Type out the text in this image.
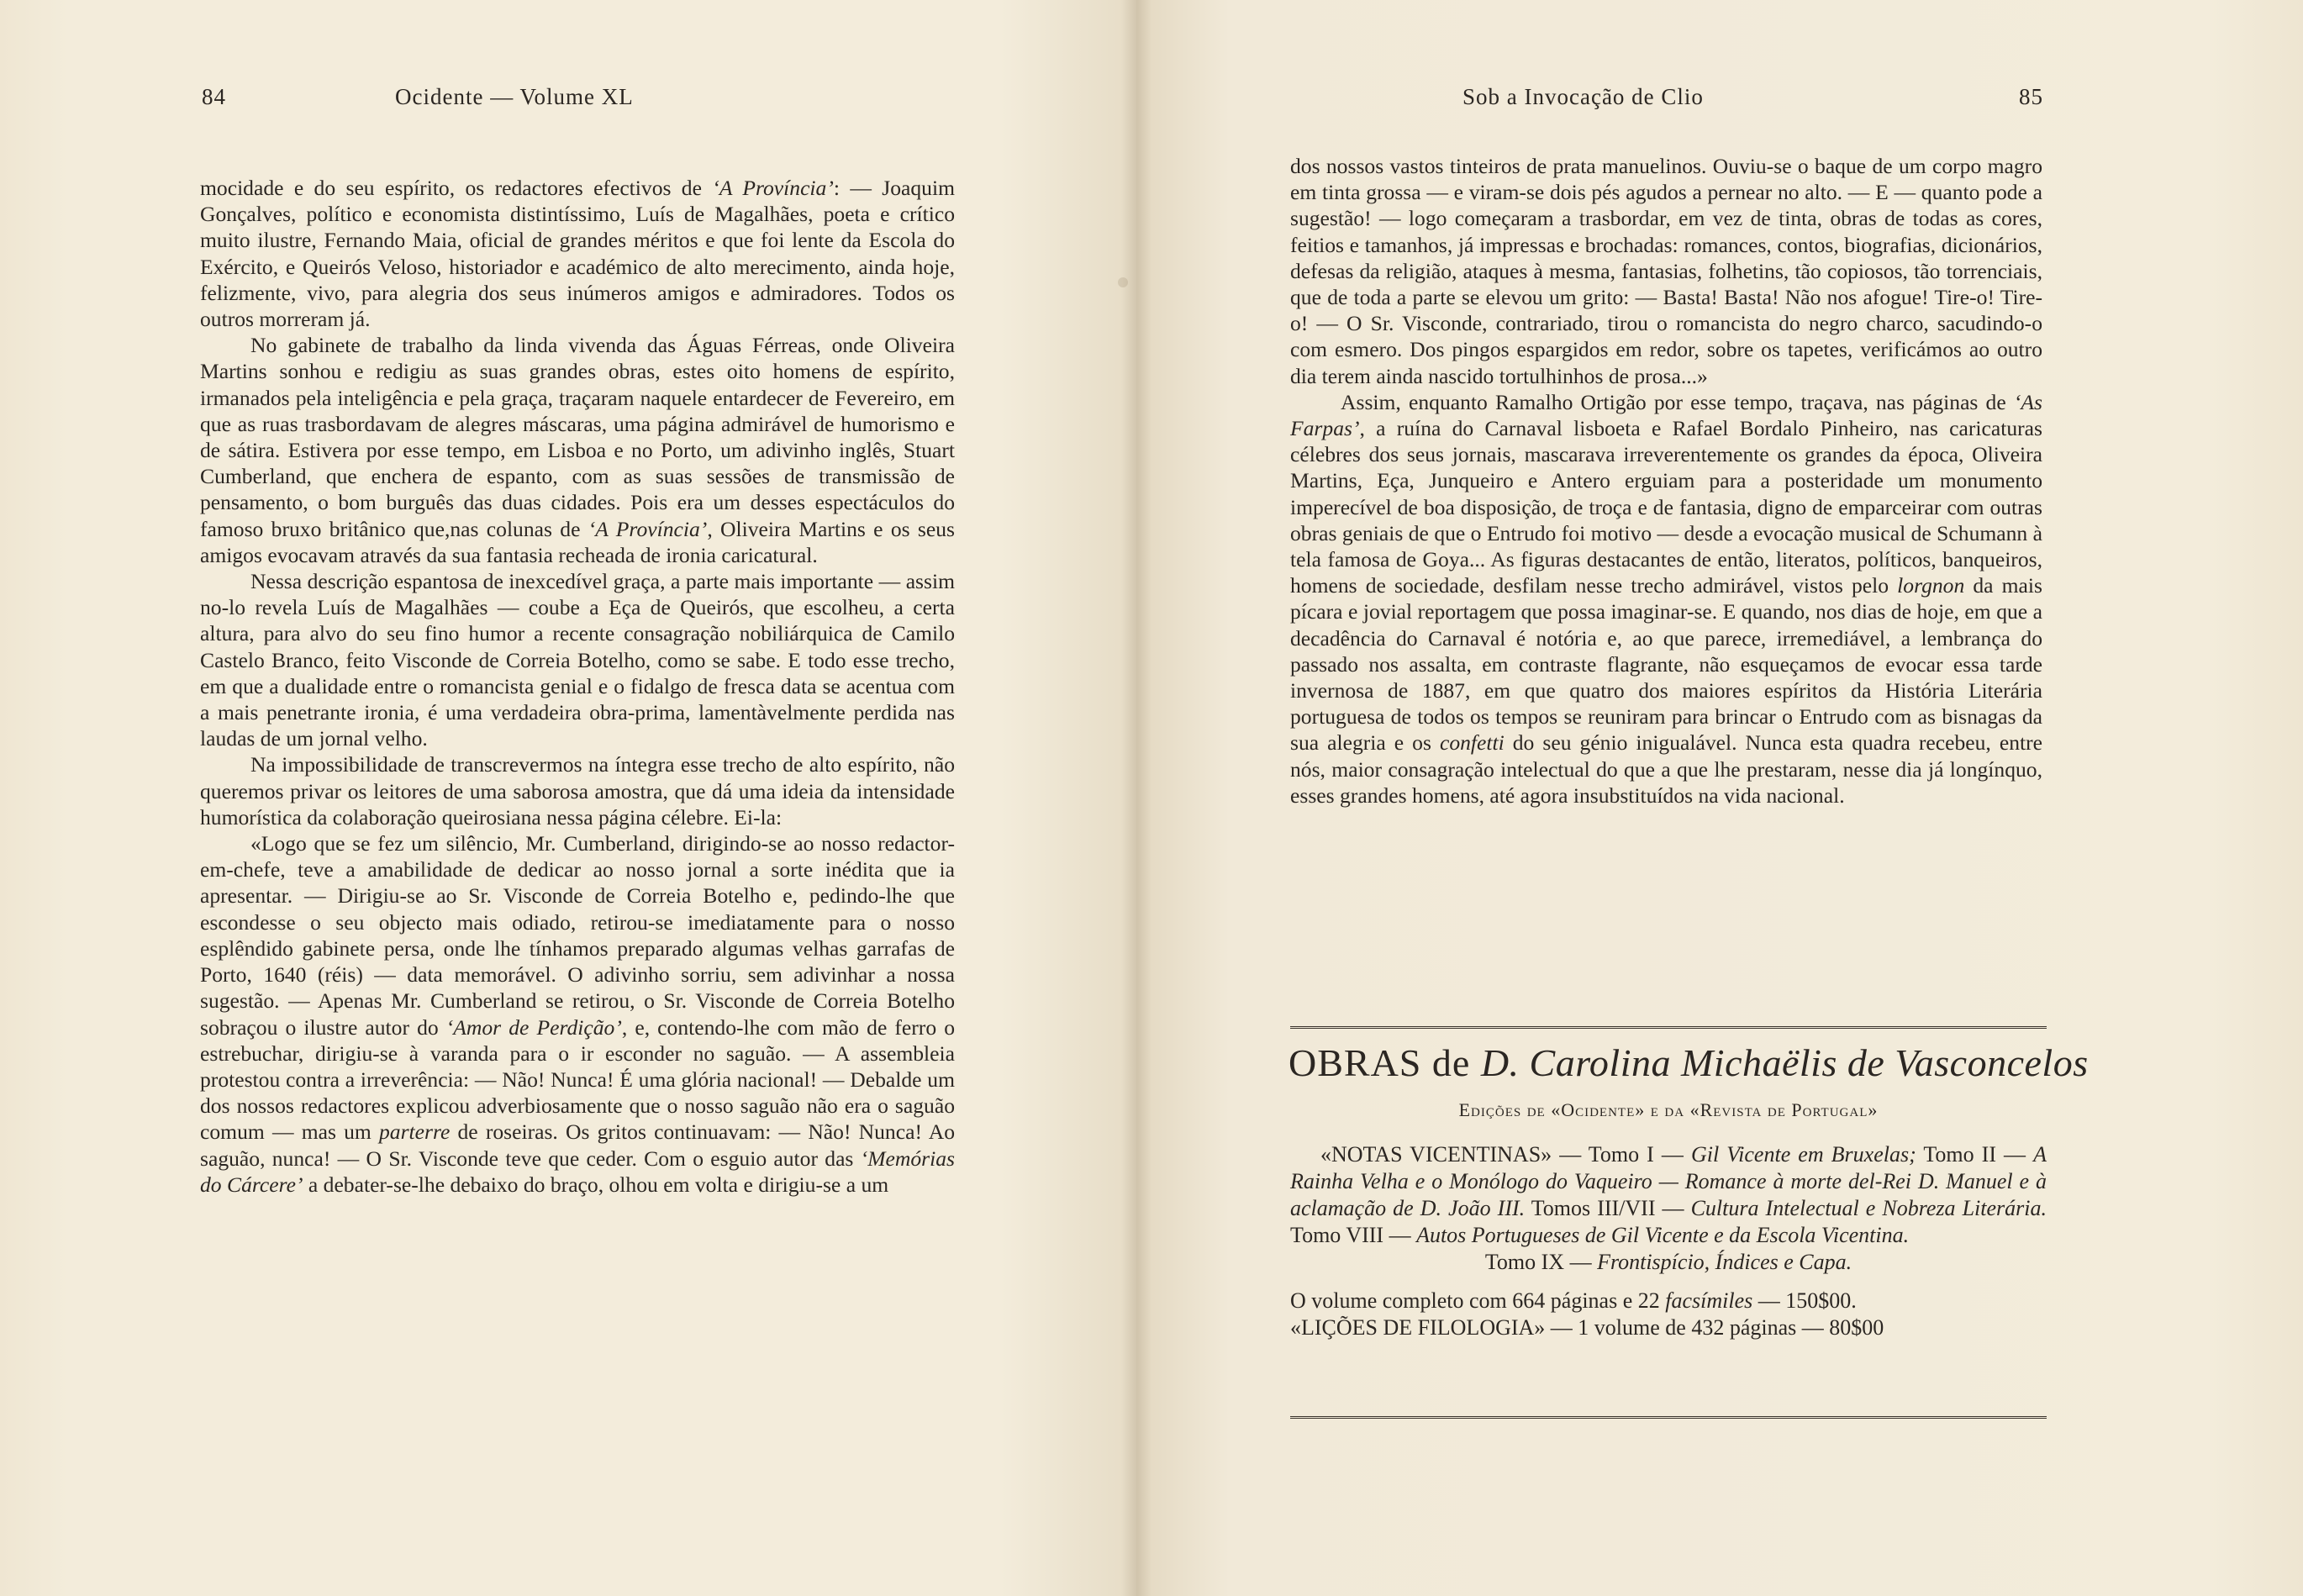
84	Ocidente — Volume XL

mocidade e do seu espírito, os redactores efectivos de ‘A Província’: — Joaquim Gonçalves, político e economista distintíssimo, Luís de Magalhães, poeta e crítico muito ilustre, Fernando Maia, oficial de grandes méritos e que foi lente da Escola do Exército, e Queirós Veloso, historiador e académico de alto merecimento, ainda hoje, felizmente, vivo, para alegria dos seus inúmeros amigos e admiradores. Todos os outros morreram já.

No gabinete de trabalho da linda vivenda das Águas Férreas, onde Oliveira Martins sonhou e redigiu as suas grandes obras, estes oito homens de espírito, irmanados pela inteligência e pela graça, traçaram naquele entardecer de Fevereiro, em que as ruas trasbordavam de alegres máscaras, uma página admirável de humorismo e de sátira. Estivera por esse tempo, em Lisboa e no Porto, um adivinho inglês, Stuart Cumberland, que enchera de espanto, com as suas sessões de transmissão de pensamento, o bom burguês das duas cidades. Pois era um desses espectáculos do famoso bruxo britânico que,nas colunas de ‘A Província’, Oliveira Martins e os seus amigos evocavam através da sua fantasia recheada de ironia caricatural.

Nessa descrição espantosa de inexcedível graça, a parte mais importante — assim no-lo revela Luís de Magalhães — coube a Eça de Queirós, que escolheu, a certa altura, para alvo do seu fino humor a recente consagração nobiliárquica de Camilo Castelo Branco, feito Visconde de Correia Botelho, como se sabe. E todo esse trecho, em que a dualidade entre o romancista genial e o fidalgo de fresca data se acentua com a mais penetrante ironia, é uma verdadeira obra-prima, lamentàvelmente perdida nas laudas de um jornal velho.

Na impossibilidade de transcrevermos na íntegra esse trecho de alto espírito, não queremos privar os leitores de uma saborosa amostra, que dá uma ideia da intensidade humorística da colaboração queirosiana nessa página célebre. Ei-la:

«Logo que se fez um silêncio, Mr. Cumberland, dirigindo-se ao nosso redactor-em-chefe, teve a amabilidade de dedicar ao nosso jornal a sorte inédita que ia apresentar. — Dirigiu-se ao Sr. Visconde de Correia Botelho e, pedindo-lhe que escondesse o seu objecto mais odiado, retirou-se imediatamente para o nosso esplêndido gabinete persa, onde lhe tínhamos preparado algumas velhas garrafas de Porto, 1640 (réis) — data memorável. O adivinho sorriu, sem adivinhar a nossa sugestão. — Apenas Mr. Cumberland se retirou, o Sr. Visconde de Correia Botelho sobraçou o ilustre autor do ‘Amor de Perdição’, e, contendo-lhe com mão de ferro o estrebuchar, dirigiu-se à varanda para o ir esconder no saguão. — A assembleia protestou contra a irreverência: — Não! Nunca! É uma glória nacional! — Debalde um dos nossos redactores explicou adverbiosamente que o nosso saguão não era o saguão comum — mas um parterre de roseiras. Os gritos continuavam: — Não! Nunca! Ao saguão, nunca! — O Sr. Visconde teve que ceder. Com o esguio autor das ‘Memórias do Cárcere’ a debater-se-lhe debaixo do braço, olhou em volta e dirigiu-se a um

Sob a Invocação de Clio	85

dos nossos vastos tinteiros de prata manuelinos. Ouviu-se o baque de um corpo magro em tinta grossa — e viram-se dois pés agudos a pernear no alto. — E — quanto pode a sugestão! — logo começaram a trasbordar, em vez de tinta, obras de todas as cores, feitios e tamanhos, já impressas e brochadas: romances, contos, biografias, dicionários, defesas da religião, ataques à mesma, fantasias, folhetins, tão copiosos, tão torrenciais, que de toda a parte se elevou um grito: — Basta! Basta! Não nos afogue! Tire-o! Tire-o! — O Sr. Visconde, contrariado, tirou o romancista do negro charco, sacudindo-o com esmero. Dos pingos espargidos em redor, sobre os tapetes, verificámos ao outro dia terem ainda nascido tortulhinhos de prosa...»

Assim, enquanto Ramalho Ortigão por esse tempo, traçava, nas páginas de ‘As Farpas’, a ruína do Carnaval lisboeta e Rafael Bordalo Pinheiro, nas caricaturas célebres dos seus jornais, mascarava irreverentemente os grandes da época, Oliveira Martins, Eça, Junqueiro e Antero erguiam para a posteridade um monumento imperecível de boa disposição, de troça e de fantasia, digno de emparceirar com outras obras geniais de que o Entrudo foi motivo — desde a evocação musical de Schumann à tela famosa de Goya... As figuras destacantes de então, literatos, políticos, banqueiros, homens de sociedade, desfilam nesse trecho admirável, vistos pelo lorgnon da mais pícara e jovial reportagem que possa imaginar-se. E quando, nos dias de hoje, em que a decadência do Carnaval é notória e, ao que parece, irremediável, a lembrança do passado nos assalta, em contraste flagrante, não esqueçamos de evocar essa tarde invernosa de 1887, em que quatro dos maiores espíritos da História Literária portuguesa de todos os tempos se reuniram para brincar o Entrudo com as bisnagas da sua alegria e os confetti do seu génio inigualável. Nunca esta quadra recebeu, entre nós, maior consagração intelectual do que a que lhe prestaram, nesse dia já longínquo, esses grandes homens, até agora insubstituídos na vida nacional.

OBRAS de D. Carolina Michaëlis de Vasconcelos
Edições de «Ocidente» e da «Revista de Portugal»

«NOTAS VICENTINAS» — Tomo I — Gil Vicente em Bruxelas; Tomo II — A Rainha Velha e o Monólogo do Vaqueiro — Romance à morte del-Rei D. Manuel e à aclamação de D. João III. Tomos III/VII — Cultura Intelectual e Nobreza Literária. Tomo VIII — Autos Portugueses de Gil Vicente e da Escola Vicentina.

Tomo IX — Frontispício, Índices e Capa.

O volume completo com 664 páginas e 22 facsímiles — 150$00.

«LIÇÕES DE FILOLOGIA» — 1 volume de 432 páginas — 80$00
